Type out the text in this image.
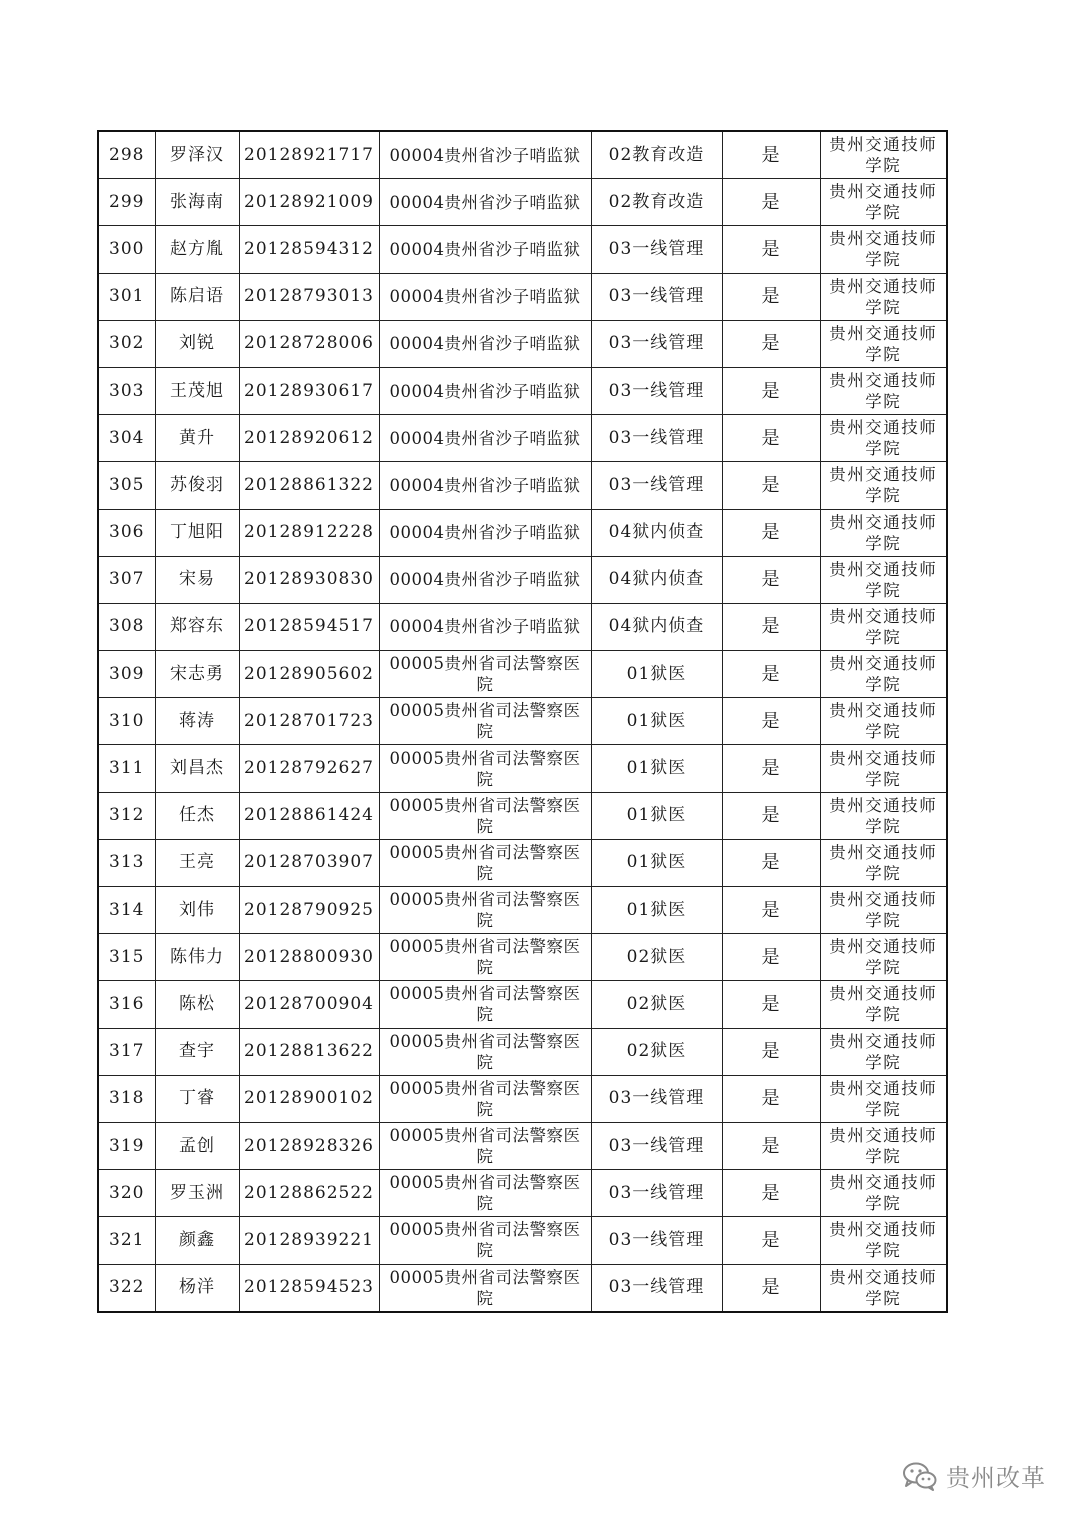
298	罗泽汉	20128921717	00004贵州省沙子哨监狱	02教育改造	是	贵州交通技师学院
299	张海南	20128921009	00004贵州省沙子哨监狱	02教育改造	是	贵州交通技师学院
300	赵方胤	20128594312	00004贵州省沙子哨监狱	03一线管理	是	贵州交通技师学院
301	陈启语	20128793013	00004贵州省沙子哨监狱	03一线管理	是	贵州交通技师学院
302	刘锐	20128728006	00004贵州省沙子哨监狱	03一线管理	是	贵州交通技师学院
303	王茂旭	20128930617	00004贵州省沙子哨监狱	03一线管理	是	贵州交通技师学院
304	黄升	20128920612	00004贵州省沙子哨监狱	03一线管理	是	贵州交通技师学院
305	苏俊羽	20128861322	00004贵州省沙子哨监狱	03一线管理	是	贵州交通技师学院
306	丁旭阳	20128912228	00004贵州省沙子哨监狱	04狱内侦查	是	贵州交通技师学院
307	宋易	20128930830	00004贵州省沙子哨监狱	04狱内侦查	是	贵州交通技师学院
308	郑容东	20128594517	00004贵州省沙子哨监狱	04狱内侦查	是	贵州交通技师学院
309	宋志勇	20128905602	00005贵州省司法警察医院	01狱医	是	贵州交通技师学院
310	蒋涛	20128701723	00005贵州省司法警察医院	01狱医	是	贵州交通技师学院
311	刘昌杰	20128792627	00005贵州省司法警察医院	01狱医	是	贵州交通技师学院
312	任杰	20128861424	00005贵州省司法警察医院	01狱医	是	贵州交通技师学院
313	王亮	20128703907	00005贵州省司法警察医院	01狱医	是	贵州交通技师学院
314	刘伟	20128790925	00005贵州省司法警察医院	01狱医	是	贵州交通技师学院
315	陈伟力	20128800930	00005贵州省司法警察医院	02狱医	是	贵州交通技师学院
316	陈松	20128700904	00005贵州省司法警察医院	02狱医	是	贵州交通技师学院
317	查宇	20128813622	00005贵州省司法警察医院	02狱医	是	贵州交通技师学院
318	丁睿	20128900102	00005贵州省司法警察医院	03一线管理	是	贵州交通技师学院
319	孟创	20128928326	00005贵州省司法警察医院	03一线管理	是	贵州交通技师学院
320	罗玉洲	20128862522	00005贵州省司法警察医院	03一线管理	是	贵州交通技师学院
321	颜鑫	20128939221	00005贵州省司法警察医院	03一线管理	是	贵州交通技师学院
322	杨洋	20128594523	00005贵州省司法警察医院	03一线管理	是	贵州交通技师学院
贵州改革
